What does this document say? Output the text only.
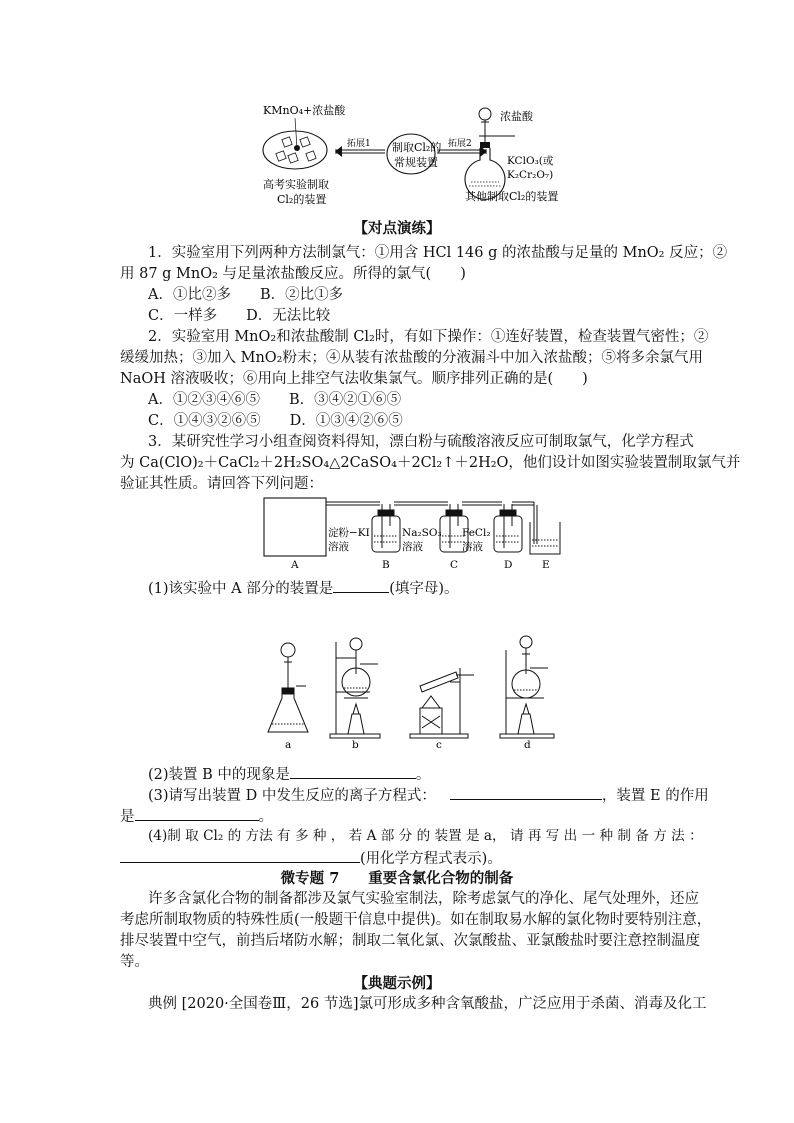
KMnO₄+浓盐酸
高考实验制取
Cl₂的装置
拓展1 制取Cl₂的
常规装置
拓展2
浓盐酸
KClO₃(或
K₂Cr₂O₇)
其他制取Cl₂的装置
【对点演练】
1．实验室用下列两种方法制氯气：①用含 HCl 146 g 的浓盐酸与足量的 MnO₂ 反应；②
用 87 g MnO₂ 与足量浓盐酸反应。所得的氯气(　　)
A．①比②多　　B．②比①多
C．一样多　　D．无法比较
2．实验室用 MnO₂和浓盐酸制 Cl₂时，有如下操作：①连好装置，检查装置气密性；②
缓缓加热；③加入 MnO₂粉末；④从装有浓盐酸的分液漏斗中加入浓盐酸；⑤将多余氯气用
NaOH 溶液吸收；⑥用向上排空气法收集氯气。顺序排列正确的是(　　)
A．①②③④⑥⑤　　B．③④②①⑥⑤
C．①④③②⑥⑤　　D．①③④②⑥⑤
3．某研究性学习小组查阅资料得知，漂白粉与硫酸溶液反应可制取氯气，化学方程式
为 Ca(ClO)₂＋CaCl₂＋2H₂SO₄△2CaSO₄＋2Cl₂↑＋2H₂O，他们设计如图实验装置制取氯气并
验证其性质。请回答下列问题：
淀粉−KI
溶液
Na₂SO₃
溶液
FeCl₂
溶液
A	B	C	D	E
(1)该实验中 A 部分的装置是	(填字母)。
a	b	c	d
(2)装置 B 中的现象是	。
(3)请写出装置 D 中发生反应的离子方程式：	，装置 E 的作用
是	。
(4)制 取 Cl₂ 的 方法 有 多 种 ， 若 A 部 分 的 装置 是 a， 请 再 写 出 一 种 制 备 方 法 ：
(用化学方程式表示)。
微专题 7　　重要含氯化合物的制备
许多含氯化合物的制备都涉及氯气实验室制法，除考虑氯气的净化、尾气处理外，还应
考虑所制取物质的特殊性质(一般题干信息中提供)。如在制取易水解的氯化物时要特别注意，
排尽装置中空气，前挡后堵防水解；制取二氧化氯、次氯酸盐、亚氯酸盐时要注意控制温度
等。
【典题示例】
典例 [2020·全国卷Ⅲ，26 节选]氯可形成多种含氧酸盐，广泛应用于杀菌、消毒及化工
